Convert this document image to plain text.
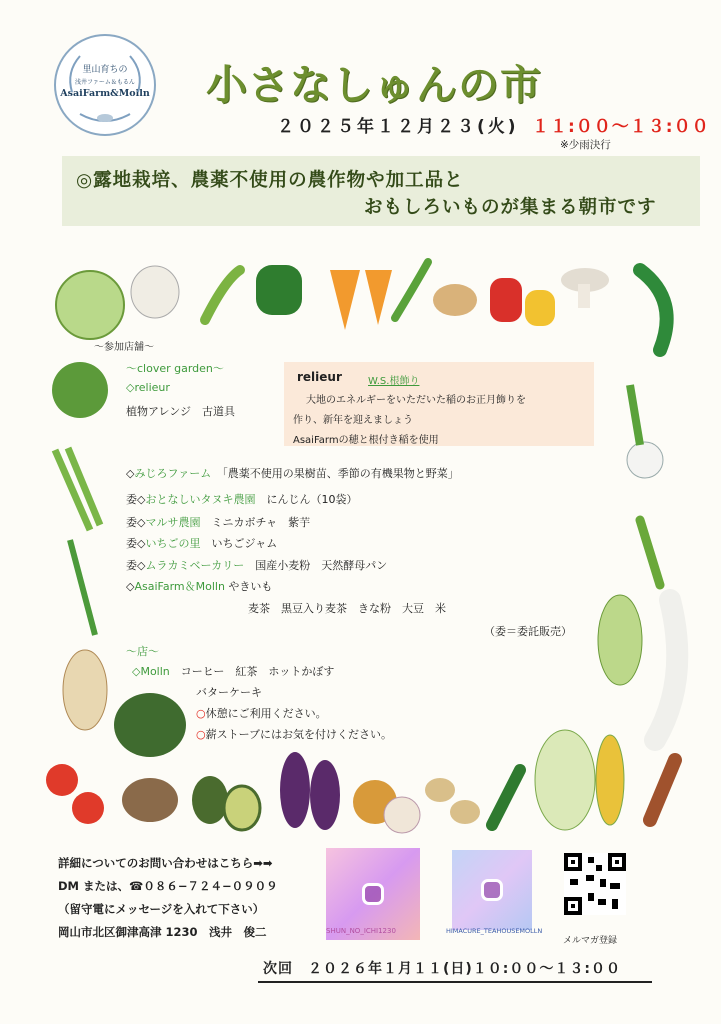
里山育ちの
浅井ファーム＆もるん
AsaiFarm&Molln 小さなしゅんの市
２０２５年１２月２３(火) １１:００〜１３:００
※少雨決行
◎露地栽培、農薬不使用の農作物や加工品と
おもしろいものが集まる朝市です
〜参加店舗〜
〜clover garden〜
◇relieur
植物アレンジ　古道具
relieur	W.S.根飾り
大地のエネルギーをいただいた稲のお正月飾りを
作り、新年を迎えましょう
AsaiFarmの穂と根付き稲を使用
◇みじろファーム　「農薬不使用の果樹苗、季節の有機果物と野菜」
委◇おとなしいタヌキ農園　にんじん（10袋）
委◇マルサ農園　ミニカボチャ　紫芋
委◇いちごの里　いちごジャム
委◇ムラカミベーカリー　国産小麦粉　天然酵母パン
◇AsaiFarm＆Molln やきいも
麦茶　黒豆入り麦茶　きな粉　大豆　米
（委＝委託販売）
〜店〜
◇Molln　 コーヒー　紅茶　ホットかぼす
バターケーキ
○休憩にご利用ください。
○薪ストーブにはお気を付けください。
詳細についてのお問い合わせはこちら➡➡
DM または、☎０８６−７２４−０９０９
（留守電にメッセージを入れて下さい）
岡山市北区御津高津 1230　浅井　俊二	SHUN_NO_ICHI1230	HIMACURE_TEAHOUSEMOLLN
メルマガ登録
次回　２０２６年１月１１(日)１０:００〜１３:００
